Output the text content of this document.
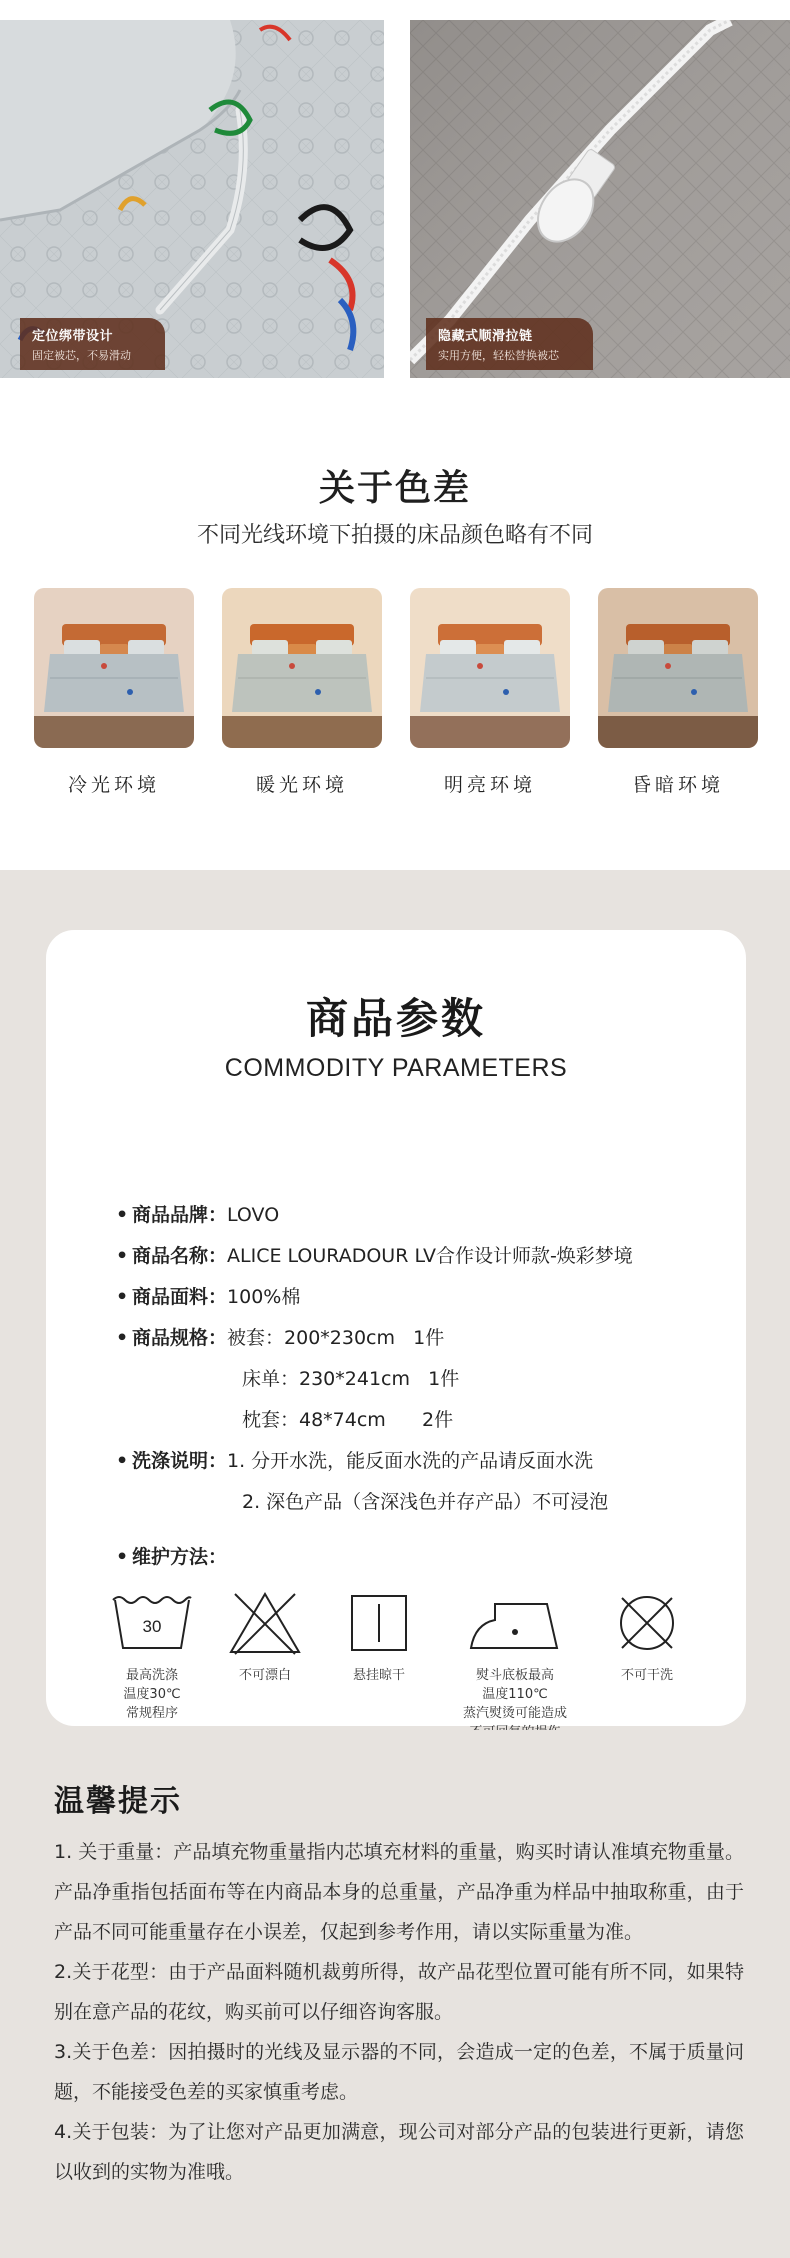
定位绑带设计
固定被芯，不易滑动
隐藏式顺滑拉链
实用方便，轻松替换被芯
关于色差
不同光线环境下拍摄的床品颜色略有不同
冷光环境	暖光环境	明亮环境	昏暗环境
商品参数
COMMODITY PARAMETERS
• 商品品牌：LOVO
• 商品名称：ALICE LOURADOUR LV合作设计师款-焕彩梦境
• 商品面料：100%棉
• 商品规格：被套：200*230cm   1件
床单：230*241cm   1件
枕套：48*74cm      2件
• 洗涤说明：1. 分开水洗，能反面水洗的产品请反面水洗
2. 深色产品（含深浅色并存产品）不可浸泡
• 维护方法：
30
最高洗涤
温度30℃
常规程序
不可漂白	悬挂晾干	熨斗底板最高
温度110℃
蒸汽熨烫可能造成
不可干洗
温馨提示

1. 关于重量：产品填充物重量指内芯填充材料的重量，购买时请认准填充物重量。产品净重指包括面布等在内商品本身的总重量，产品净重为样品中抽取称重，由于产品不同可能重量存在小误差，仅起到参考作用，请以实际重量为准。

2.关于花型：由于产品面料随机裁剪所得，故产品花型位置可能有所不同，如果特别在意产品的花纹，购买前可以仔细咨询客服。

3.关于色差：因拍摄时的光线及显示器的不同，会造成一定的色差，不属于质量问题，不能接受色差的买家慎重考虑。

4.关于包装：为了让您对产品更加满意，现公司对部分产品的包装进行更新，请您以收到的实物为准哦。
